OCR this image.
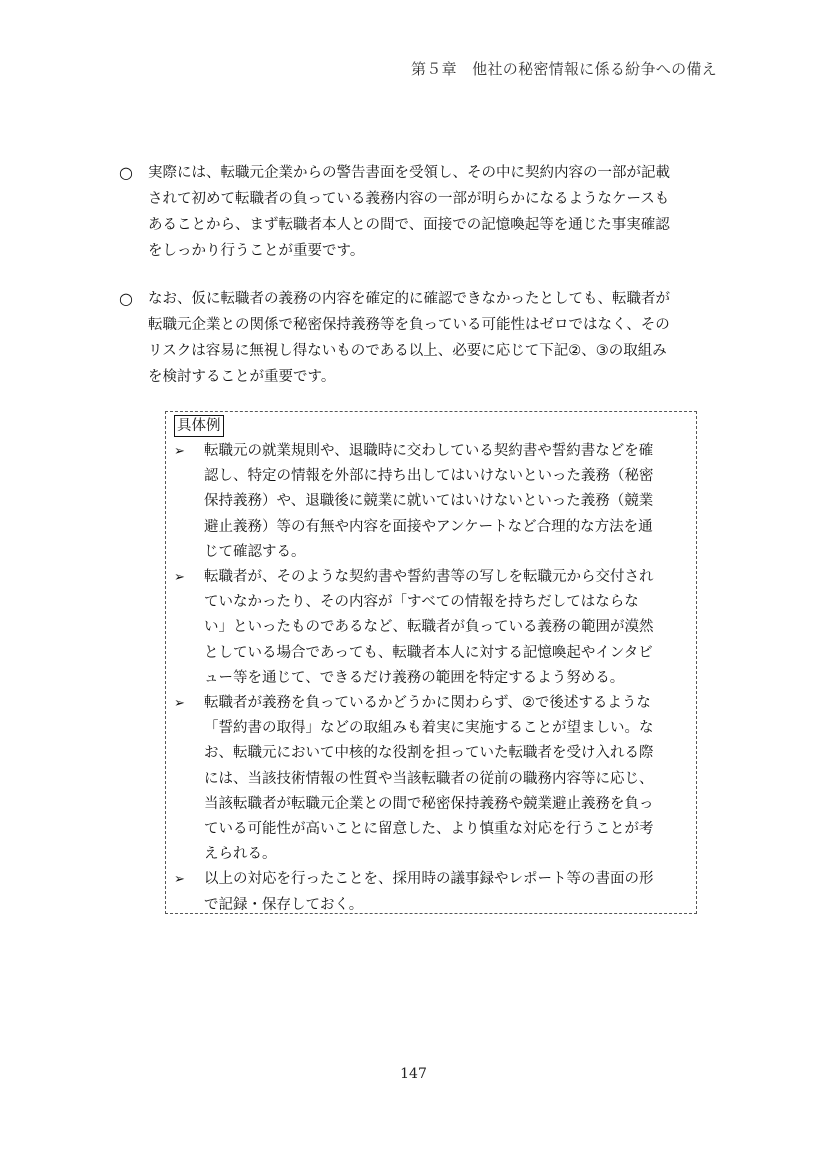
第５章　他社の秘密情報に係る紛争への備え
○	実際には、転職元企業からの警告書面を受領し、その中に契約内容の一部が記載
されて初めて転職者の負っている義務内容の一部が明らかになるようなケースも
あることから、まず転職者本人との間で、面接での記憶喚起等を通じた事実確認
をしっかり行うことが重要です。
○	なお、仮に転職者の義務の内容を確定的に確認できなかったとしても、転職者が
転職元企業との関係で秘密保持義務等を負っている可能性はゼロではなく、その
リスクは容易に無視し得ないものである以上、必要に応じて下記②、③の取組み
を検討することが重要です。
具体例
➢	転職元の就業規則や、退職時に交わしている契約書や誓約書などを確
認し、特定の情報を外部に持ち出してはいけないといった義務（秘密
保持義務）や、退職後に競業に就いてはいけないといった義務（競業
避止義務）等の有無や内容を面接やアンケートなど合理的な方法を通
じて確認する。
➢	転職者が、そのような契約書や誓約書等の写しを転職元から交付され
ていなかったり、その内容が「すべての情報を持ちだしてはならな
い」といったものであるなど、転職者が負っている義務の範囲が漠然
としている場合であっても、転職者本人に対する記憶喚起やインタビ
ュー等を通じて、できるだけ義務の範囲を特定するよう努める。
➢	転職者が義務を負っているかどうかに関わらず、②で後述するような
「誓約書の取得」などの取組みも着実に実施することが望ましい。な
お、転職元において中核的な役割を担っていた転職者を受け入れる際
には、当該技術情報の性質や当該転職者の従前の職務内容等に応じ、
当該転職者が転職元企業との間で秘密保持義務や競業避止義務を負っ
ている可能性が高いことに留意した、より慎重な対応を行うことが考
えられる。
➢	以上の対応を行ったことを、採用時の議事録やレポート等の書面の形
で記録・保存しておく。
147
